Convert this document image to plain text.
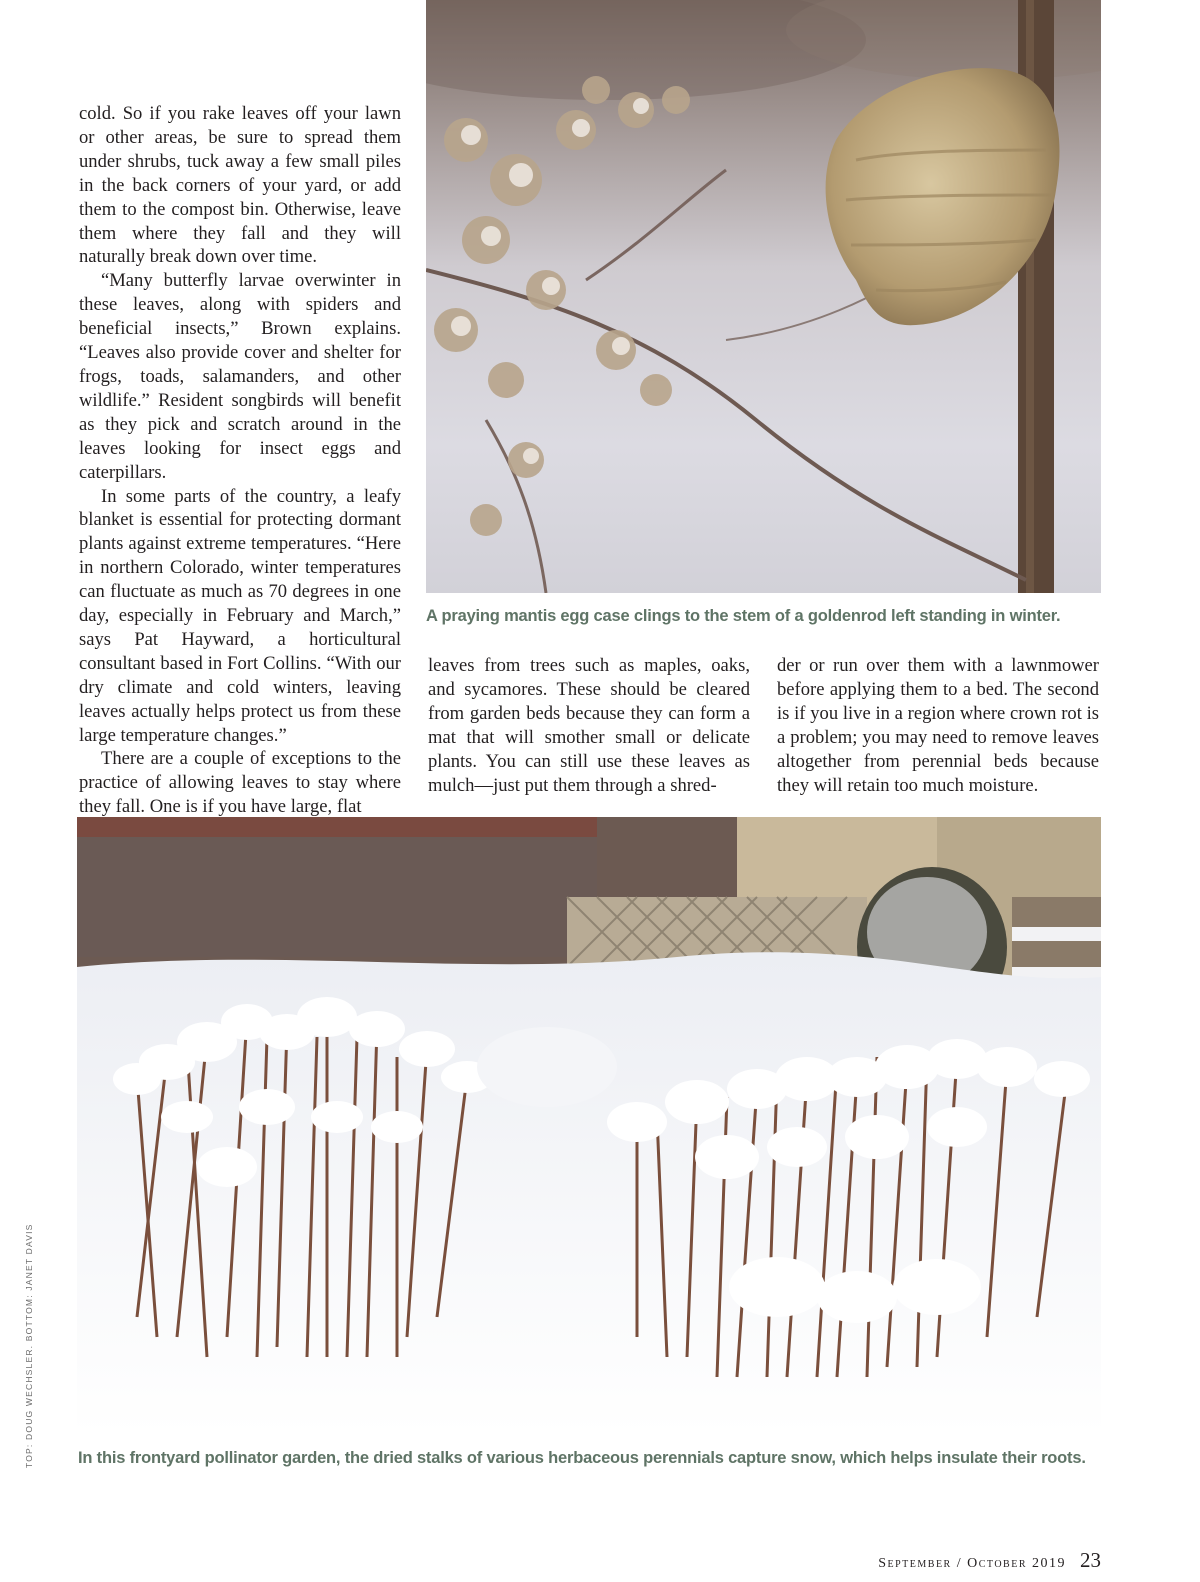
A praying mantis egg case clings to the stem of a goldenrod left standing in winter.

cold. So if you rake leaves off your lawn or other areas, be sure to spread them under shrubs, tuck away a few small piles in the back corners of your yard, or add them to the compost bin. Otherwise, leave them where they fall and they will naturally break down over time.

“Many butterfly larvae overwinter in these leaves, along with spiders and beneficial insects,” Brown explains. “Leaves also provide cover and shelter for frogs, toads, salamanders, and other wildlife.” Resident songbirds will benefit as they pick and scratch around in the leaves looking for insect eggs and caterpillars.

In some parts of the country, a leafy blanket is essential for protecting dormant plants against extreme temperatures. “Here in northern Colorado, winter temperatures can fluctuate as much as 70 degrees in one day, especially in February and March,” says Pat Hayward, a horticultural consultant based in Fort Collins. “With our dry climate and cold winters, leaving leaves actually helps protect us from these large temperature changes.”

There are a couple of exceptions to the practice of allowing leaves to stay where they fall. One is if you have large, flat

leaves from trees such as maples, oaks, and sycamores. These should be cleared from garden beds because they can form a mat that will smother small or delicate plants. You can still use these leaves as mulch—just put them through a shred-

der or run over them with a lawnmower before applying them to a bed. The second is if you live in a region where crown rot is a problem; you may need to remove leaves altogether from perennial beds because they will retain too much moisture.

In this frontyard pollinator garden, the dried stalks of various herbaceous perennials capture snow, which helps insulate their roots.
TOP: DOUG WECHSLER. BOTTOM: JANET DAVIS
September / October 2019 23
